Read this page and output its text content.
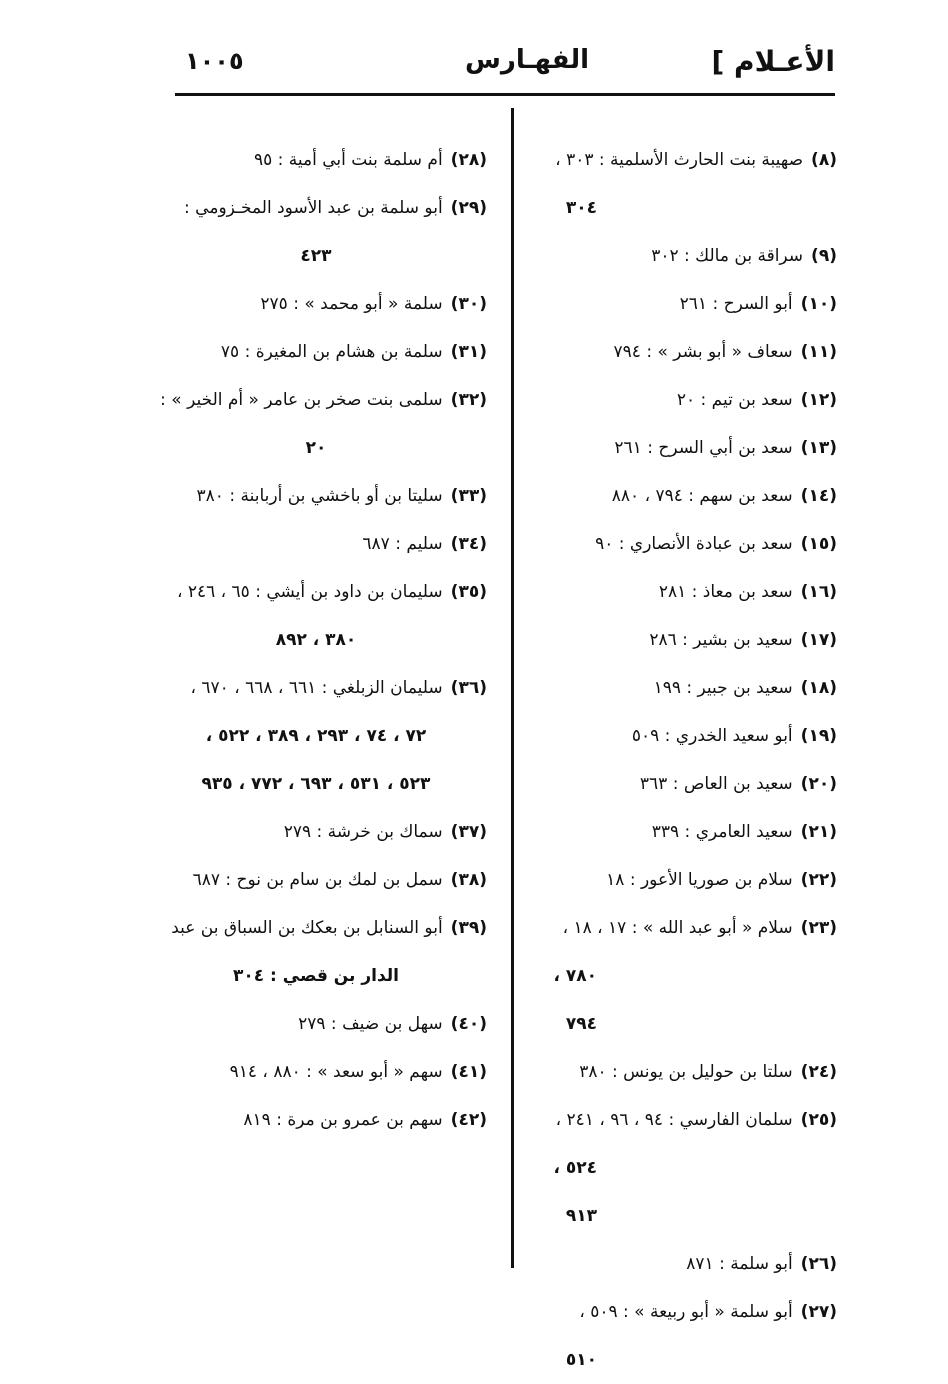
الأعـلام ]
الفهـارس
١٠٠٥
(٨)صهيبة بنت الحارث الأسلمية : ٣٠٣ ،
٣٠٤
(٩)سراقة بن مالك : ٣٠٢
(١٠)أبو السرح : ٢٦١
(١١)سعاف « أبو بشر » : ٧٩٤
(١٢)سعد بن تيم : ٢٠
(١٣)سعد بن أبي السرح : ٢٦١
(١٤)سعد بن سهم : ٧٩٤ ، ٨٨٠
(١٥)سعد بن عبادة الأنصاري : ٩٠
(١٦)سعد بن معاذ : ٢٨١
(١٧)سعيد بن بشير : ٢٨٦
(١٨)سعيد بن جبير : ١٩٩
(١٩)أبو سعيد الخدري : ٥٠٩
(٢٠)سعيد بن العاص : ٣٦٣
(٢١)سعيد العامري : ٣٣٩
(٢٢)سلام بن صوريا الأعور : ١٨
(٢٣)سلام « أبو عبد الله » : ١٧ ، ١٨ ،
٧٨٠ ، ٧٩٤
(٢٤)سلتا بن حوليل بن يونس : ٣٨٠
(٢٥)سلمان الفارسي : ٩٤ ، ٩٦ ، ٢٤١ ،
٥٢٤ ، ٩١٣
(٢٦)أبو سلمة : ٨٧١
(٢٧)أبو سلمة « أبو ربيعة » : ٥٠٩ ،
٥١٠
(٢٨)أم سلمة بنت أبي أمية : ٩٥
(٢٩)أبو سلمة بن عبد الأسود المخـزومي :
٤٢٣
(٣٠)سلمة « أبو محمد » : ٢٧٥
(٣١)سلمة بن هشام بن المغيرة : ٧٥
(٣٢)سلمى بنت صخر بن عامر « أم الخير » :
٢٠
(٣٣)سليتا بن أو باخشي بن أربابنة : ٣٨٠
(٣٤)سليم : ٦٨٧
(٣٥)سليمان بن داود بن أيشي : ٦٥ ، ٢٤٦ ،
٣٨٠ ، ٨٩٢
(٣٦)سليمان الزبلغي : ٦٦١ ، ٦٦٨ ، ٦٧٠ ،
٧٢ ، ٧٤ ، ٢٩٣ ، ٣٨٩ ، ٥٢٢ ،
٥٢٣ ، ٥٣١ ، ٦٩٣ ، ٧٧٢ ، ٩٣٥
(٣٧)سماك بن خرشة : ٢٧٩
(٣٨)سمل بن لمك بن سام بن نوح : ٦٨٧
(٣٩)أبو السنابل بن بعكك بن السباق بن عبد
الدار بن قصي : ٣٠٤
(٤٠)سهل بن ضيف : ٢٧٩
(٤١)سهم « أبو سعد » : ٨٨٠ ، ٩١٤
(٤٢)سهم بن عمرو بن مرة : ٨١٩
